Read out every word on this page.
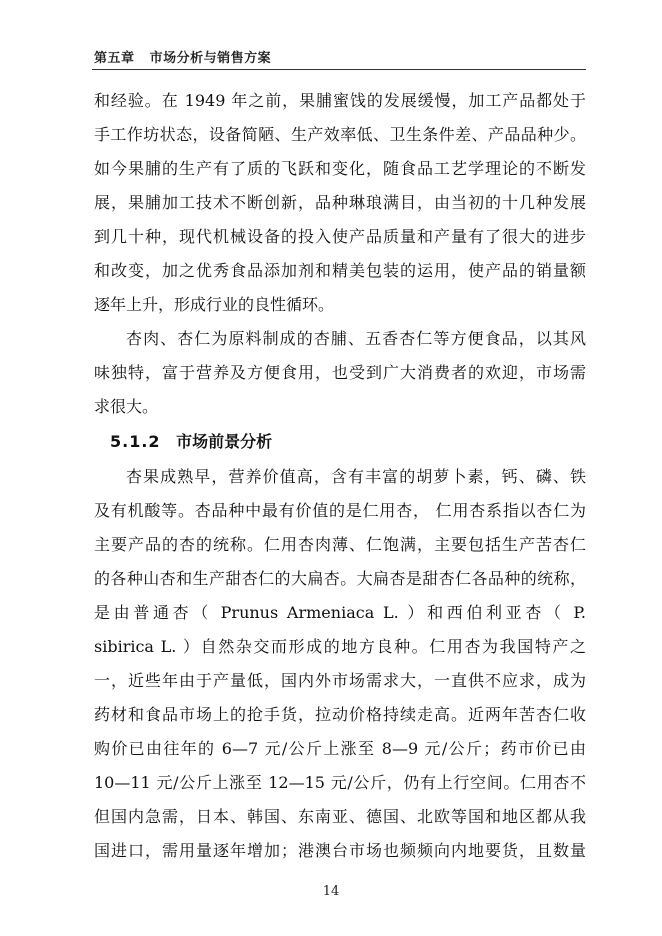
第五章 市场分析与销售方案
和经验。在 1949 年之前，果脯蜜饯的发展缓慢，加工产品都处于
手工作坊状态，设备简陋、生产效率低、卫生条件差、产品品种少。
如今果脯的生产有了质的飞跃和变化，随食品工艺学理论的不断发
展，果脯加工技术不断创新，品种琳琅满目，由当初的十几种发展
到几十种，现代机械设备的投入使产品质量和产量有了很大的进步
和改变，加之优秀食品添加剂和精美包装的运用，使产品的销量额
逐年上升，形成行业的良性循环。
杏肉、杏仁为原料制成的杏脯、五香杏仁等方便食品，以其风
味独特，富于营养及方便食用，也受到广大消费者的欢迎，市场需
求很大。
5.1.2 市场前景分析
杏果成熟早，营养价值高，含有丰富的胡萝卜素，钙、磷、铁
及有机酸等。杏品种中最有价值的是仁用杏， 仁用杏系指以杏仁为
主要产品的杏的统称。仁用杏肉薄、仁饱满，主要包括生产苦杏仁
的各种山杏和生产甜杏仁的大扁杏。大扁杏是甜杏仁各品种的统称，
是由普通杏（ Prunus Armeniaca L. ）和西伯利亚杏（ P.
sibirica L. ）自然杂交而形成的地方良种。仁用杏为我国特产之
一，近些年由于产量低，国内外市场需求大，一直供不应求，成为
药材和食品市场上的抢手货，拉动价格持续走高。近两年苦杏仁收
购价已由往年的 6—7 元/公斤上涨至 8—9 元/公斤；药市价已由
10—11 元/公斤上涨至 12—15 元/公斤，仍有上行空间。仁用杏不
但国内急需，日本、韩国、东南亚、德国、北欧等国和地区都从我
国进口，需用量逐年增加；港澳台市场也频频向内地要货，且数量
14
